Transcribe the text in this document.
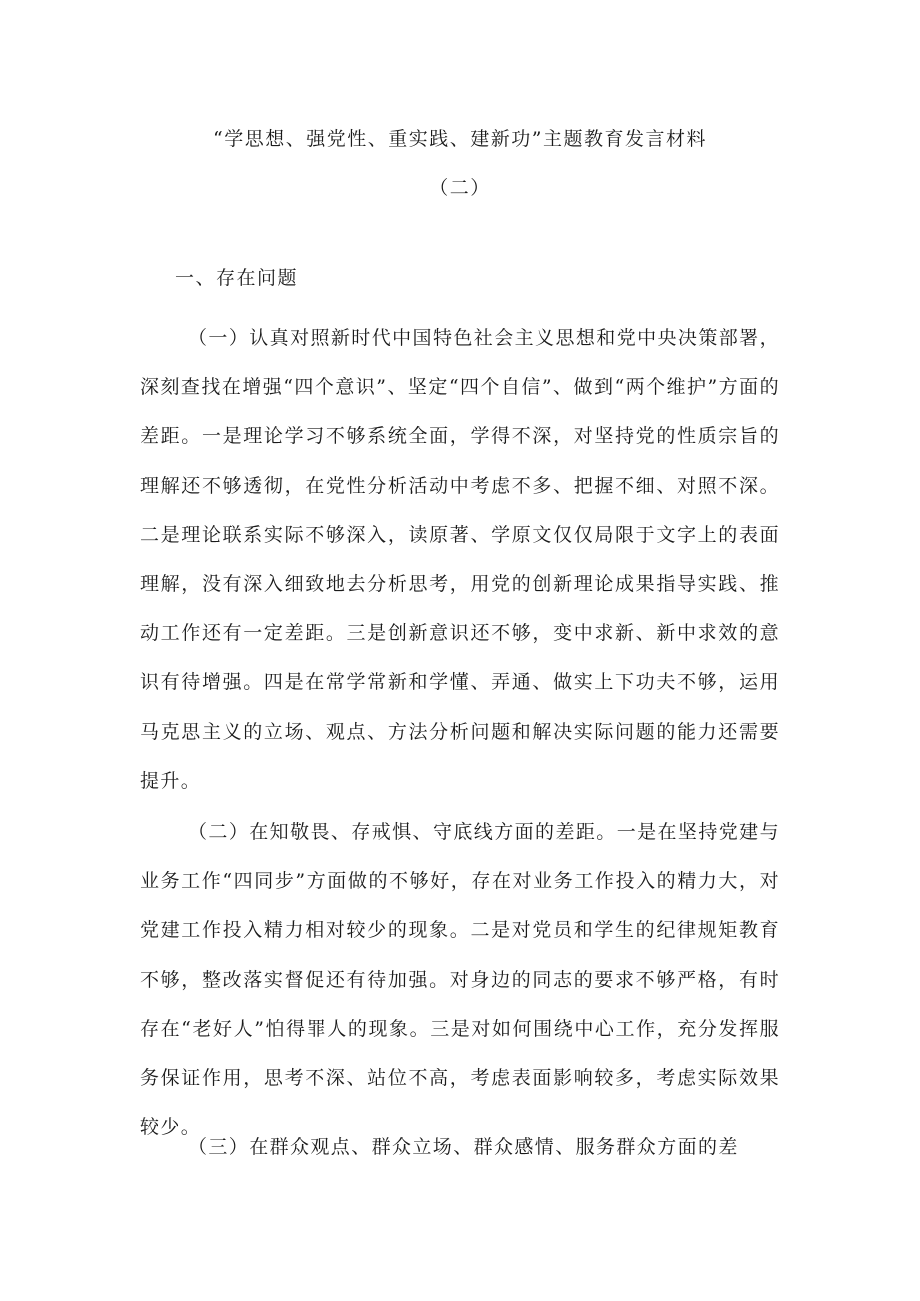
“学思想、强党性、重实践、建新功”主题教育发言材料
（二）

一、存在问题

（一）认真对照新时代中国特色社会主义思想和党中央决策部署，深刻查找在增强“四个意识”、坚定“四个自信”、做到“两个维护”方面的差距。一是理论学习不够系统全面，学得不深，对坚持党的性质宗旨的理解还不够透彻，在党性分析活动中考虑不多、把握不细、对照不深。二是理论联系实际不够深入，读原著、学原文仅仅局限于文字上的表面理解，没有深入细致地去分析思考，用党的创新理论成果指导实践、推动工作还有一定差距。三是创新意识还不够，变中求新、新中求效的意识有待增强。四是在常学常新和学懂、弄通、做实上下功夫不够，运用马克思主义的立场、观点、方法分析问题和解决实际问题的能力还需要提升。

（二）在知敬畏、存戒惧、守底线方面的差距。一是在坚持党建与业务工作“四同步”方面做的不够好，存在对业务工作投入的精力大，对党建工作投入精力相对较少的现象。二是对党员和学生的纪律规矩教育不够，整改落实督促还有待加强。对身边的同志的要求不够严格，有时存在“老好人”怕得罪人的现象。三是对如何围绕中心工作，充分发挥服务保证作用，思考不深、站位不高，考虑表面影响较多，考虑实际效果较少。

（三）在群众观点、群众立场、群众感情、服务群众方面的差
